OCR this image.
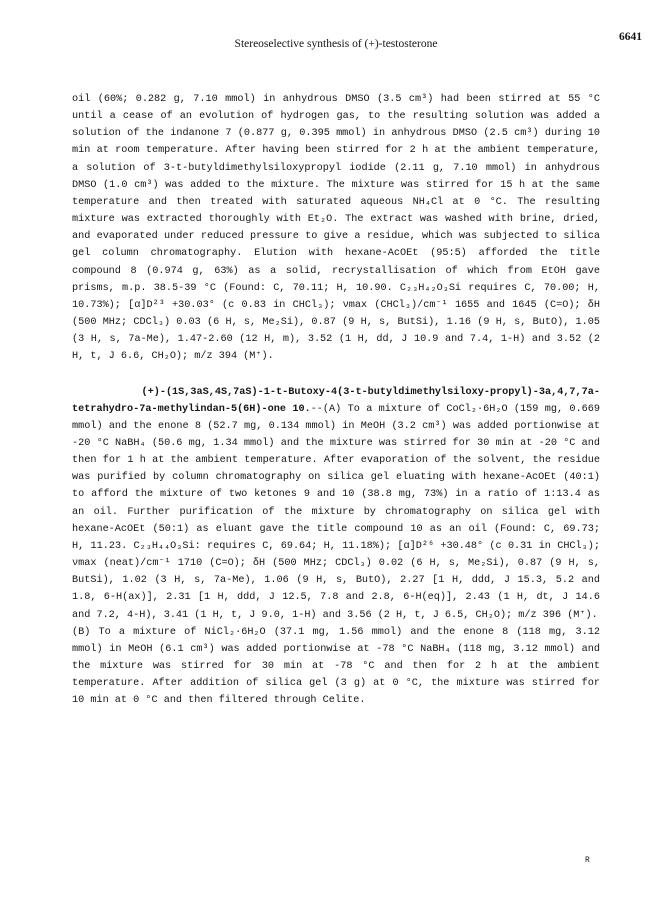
Stereoselective synthesis of (+)-testosterone
6641

oil (60%; 0.282 g, 7.10 mmol) in anhydrous DMSO (3.5 cm³) had been stirred at 55 °C until a cease of an evolution of hydrogen gas, to the resulting solution was added a solution of the indanone 7 (0.877 g, 0.395 mmol) in anhydrous DMSO (2.5 cm³) during 10 min at room temperature. After having been stirred for 2 h at the ambient temperature, a solution of 3-t-butyldimethylsiloxypropyl iodide (2.11 g, 7.10 mmol) in anhydrous DMSO (1.0 cm³) was added to the mixture. The mixture was stirred for 15 h at the same temperature and then treated with saturated aqueous NH₄Cl at 0 °C. The resulting mixture was extracted thoroughly with Et₂O. The extract was washed with brine, dried, and evaporated under reduced pressure to give a residue, which was subjected to silica gel column chromatography. Elution with hexane-AcOEt (95:5) afforded the title compound 8 (0.974 g, 63%) as a solid, recrystallisation of which from EtOH gave prisms, m.p. 38.5-39 °C (Found: C, 70.11; H, 10.90. C₂₃H₄₂O₃Si requires C, 70.00; H, 10.73%); [α]D²³ +30.03° (c 0.83 in CHCl₃); νmax (CHCl₃)/cm⁻¹ 1655 and 1645 (C=O); δH (500 MHz; CDCl₃) 0.03 (6 H, s, Me₂Si), 0.87 (9 H, s, ButSi), 1.16 (9 H, s, ButO), 1.05 (3 H, s, 7a-Me), 1.47-2.60 (12 H, m), 3.52 (1 H, dd, J 10.9 and 7.4, 1-H) and 3.52 (2 H, t, J 6.6, CH₂O); m/z 394 (M⁺).

(+)-(1S,3aS,4S,7aS)-1-t-Butoxy-4(3-t-butyldimethylsiloxy-propyl)-3a,4,7,7a-tetrahydro-7a-methylindan-5(6H)-one 10.--(A) To a mixture of CoCl₂·6H₂O (159 mg, 0.669 mmol) and the enone 8 (52.7 mg, 0.134 mmol) in MeOH (3.2 cm³) was added portionwise at -20 °C NaBH₄ (50.6 mg, 1.34 mmol) and the mixture was stirred for 30 min at -20 °C and then for 1 h at the ambient temperature. After evaporation of the solvent, the residue was purified by column chromatography on silica gel eluating with hexane-AcOEt (40:1) to afford the mixture of two ketones 9 and 10 (38.8 mg, 73%) in a ratio of 1:13.4 as an oil. Further purification of the mixture by chromatography on silica gel with hexane-AcOEt (50:1) as eluant gave the title compound 10 as an oil (Found: C, 69.73; H, 11.23. C₂₃H₄₄O₃Si: requires C, 69.64; H, 11.18%); [α]D²⁶ +30.48° (c 0.31 in CHCl₃); νmax (neat)/cm⁻¹ 1710 (C=O); δH (500 MHz; CDCl₃) 0.02 (6 H, s, Me₂Si), 0.87 (9 H, s, ButSi), 1.02 (3 H, s, 7a-Me), 1.06 (9 H, s, ButO), 2.27 [1 H, ddd, J 15.3, 5.2 and 1.8, 6-H(ax)], 2.31 [1 H, ddd, J 12.5, 7.8 and 2.8, 6-H(eq)], 2.43 (1 H, dt, J 14.6 and 7.2, 4-H), 3.41 (1 H, t, J 9.0, 1-H) and 3.56 (2 H, t, J 6.5, CH₂O); m/z 396 (M⁺).

(B) To a mixture of NiCl₂·6H₂O (37.1 mg, 1.56 mmol) and the enone 8 (118 mg, 3.12 mmol) in MeOH (6.1 cm³) was added portionwise at -78 °C NaBH₄ (118 mg, 3.12 mmol) and the mixture was stirred for 30 min at -78 °C and then for 2 h at the ambient temperature. After addition of silica gel (3 g) at 0 °C, the mixture was stirred for 10 min at 0 °C and then filtered through Celite.

R
